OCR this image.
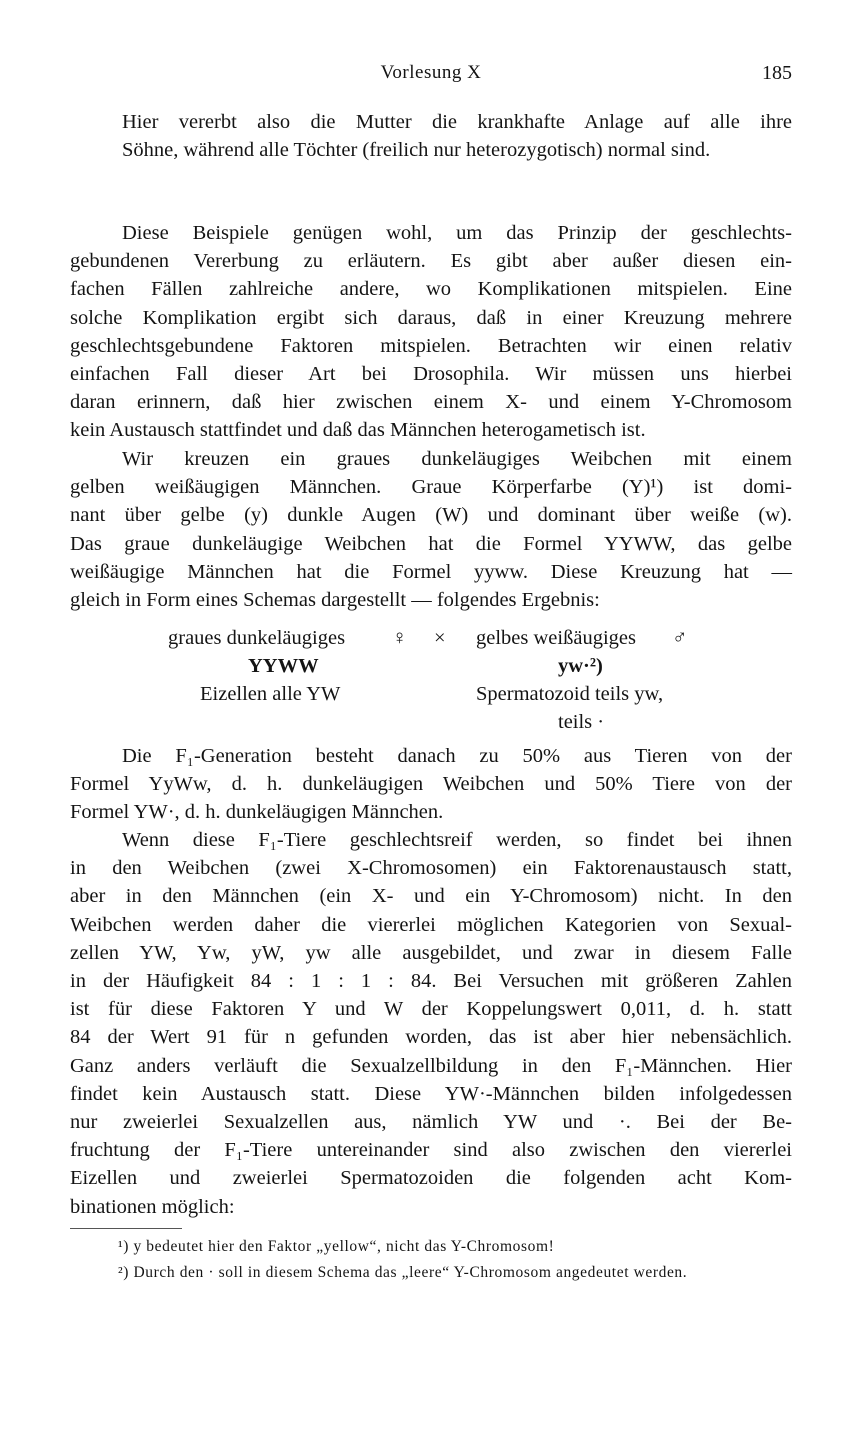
Vorlesung X	185

Hier vererbt also die Mutter die krankhafte Anlage auf alle ihre
Söhne, während alle Töchter (freilich nur heterozygotisch) normal sind.

Diese Beispiele genügen wohl, um das Prinzip der geschlechts-
gebundenen Vererbung zu erläutern. Es gibt aber außer diesen ein-
fachen Fällen zahlreiche andere, wo Komplikationen mitspielen. Eine
solche Komplikation ergibt sich daraus, daß in einer Kreuzung mehrere
geschlechtsgebundene Faktoren mitspielen. Betrachten wir einen relativ
einfachen Fall dieser Art bei Drosophila. Wir müssen uns hierbei
daran erinnern, daß hier zwischen einem X- und einem Y-Chromosom
kein Austausch stattfindet und daß das Männchen heterogametisch ist.

Wir kreuzen ein graues dunkeläugiges Weibchen mit einem
gelben weißäugigen Männchen. Graue Körperfarbe (Y)¹) ist domi-
nant über gelbe (y) dunkle Augen (W) und dominant über weiße (w).
Das graue dunkeläugige Weibchen hat die Formel YYWW, das gelbe
weißäugige Männchen hat die Formel yyww. Diese Kreuzung hat —
gleich in Form eines Schemas dargestellt — folgendes Ergebnis:

graues dunkeläugiges ♀ × gelbes weißäugiges ♂
YYWW	yw·²)
Eizellen alle YW	Spermatozoid teils yw,
teils ·

Die F₁-Generation besteht danach zu 50% aus Tieren von der
Formel YyWw, d. h. dunkeläugigen Weibchen und 50% Tiere von der
Formel YW·, d. h. dunkeläugigen Männchen.

Wenn diese F₁-Tiere geschlechtsreif werden, so findet bei ihnen
in den Weibchen (zwei X-Chromosomen) ein Faktorenaustausch statt,
aber in den Männchen (ein X- und ein Y-Chromosom) nicht. In den
Weibchen werden daher die viererlei möglichen Kategorien von Sexual-
zellen YW, Yw, yW, yw alle ausgebildet, und zwar in diesem Falle
in der Häufigkeit 84 : 1 : 1 : 84. Bei Versuchen mit größeren Zahlen
ist für diese Faktoren Y und W der Koppelungswert 0,011, d. h. statt
84 der Wert 91 für n gefunden worden, das ist aber hier nebensächlich.
Ganz anders verläuft die Sexualzellbildung in den F₁-Männchen. Hier
findet kein Austausch statt. Diese YW·-Männchen bilden infolgedessen
nur zweierlei Sexualzellen aus, nämlich YW und ·. Bei der Be-
fruchtung der F₁-Tiere untereinander sind also zwischen den viererlei
Eizellen und zweierlei Spermatozoiden die folgenden acht Kom-
binationen möglich:

¹) y bedeutet hier den Faktor „yellow“, nicht das Y-Chromosom!
²) Durch den · soll in diesem Schema das „leere“ Y-Chromosom angedeutet werden.
